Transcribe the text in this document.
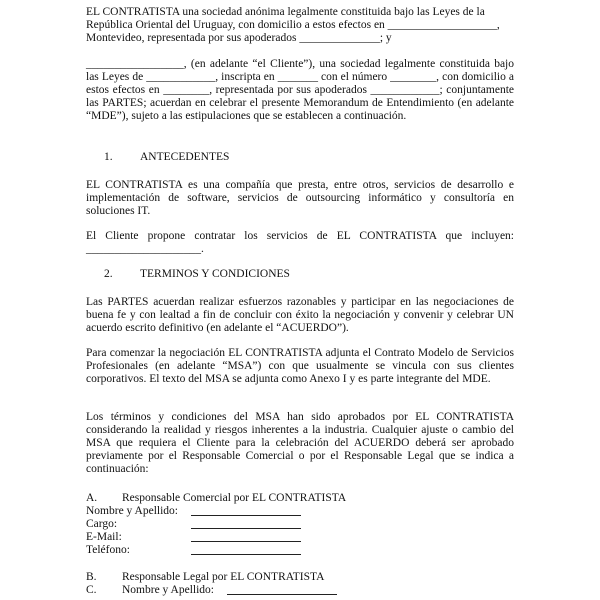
EL CONTRATISTA una sociedad anónima legalmente constituida bajo las Leyes de la

República Oriental del Uruguay, con domicilio a estos efectos en ___________________,

Montevideo, representada por sus apoderados ______________; y

_________________, (en adelante “el Cliente”), una sociedad legalmente constituida bajo las Leyes de ____________, inscripta en _______ con el número ________, con domicilio a estos efectos en ________, representada por sus apoderados ____________; conjuntamente las PARTES; acuerdan en celebrar el presente Memorandum de Entendimiento (en adelante “MDE”), sujeto a las estipulaciones que se establecen a continuación.

1. ANTECEDENTES

EL CONTRATISTA es una compañía que presta, entre otros, servicios de desarrollo e implementación de software, servicios de outsourcing informático y consultoría en soluciones IT.

El Cliente propone contratar los servicios de EL CONTRATISTA que incluyen: ____________________.

2. TERMINOS Y CONDICIONES

Las PARTES acuerdan realizar esfuerzos razonables y participar en las negociaciones de buena fe y con lealtad a fin de concluir con éxito la negociación y convenir y celebrar UN acuerdo escrito definitivo (en adelante el “ACUERDO”).

Para comenzar la negociación EL CONTRATISTA adjunta el Contrato Modelo de Servicios Profesionales (en adelante “MSA”) con que usualmente se vincula con sus clientes corporativos. El texto del MSA se adjunta como Anexo I y es parte integrante del MDE.

Los términos y condiciones del MSA han sido aprobados por EL CONTRATISTA considerando la realidad y riesgos inherentes a la industria. Cualquier ajuste o cambio del MSA que requiera el Cliente para la celebración del ACUERDO deberá ser aprobado previamente por el Responsable Comercial o por el Responsable Legal que se indica a continuación:

A. Responsable Comercial por EL CONTRATISTA
Nombre y Apellido:
Cargo:
E-Mail:
Teléfono:
B. Responsable Legal por EL CONTRATISTA
C. Nombre y Apellido:
